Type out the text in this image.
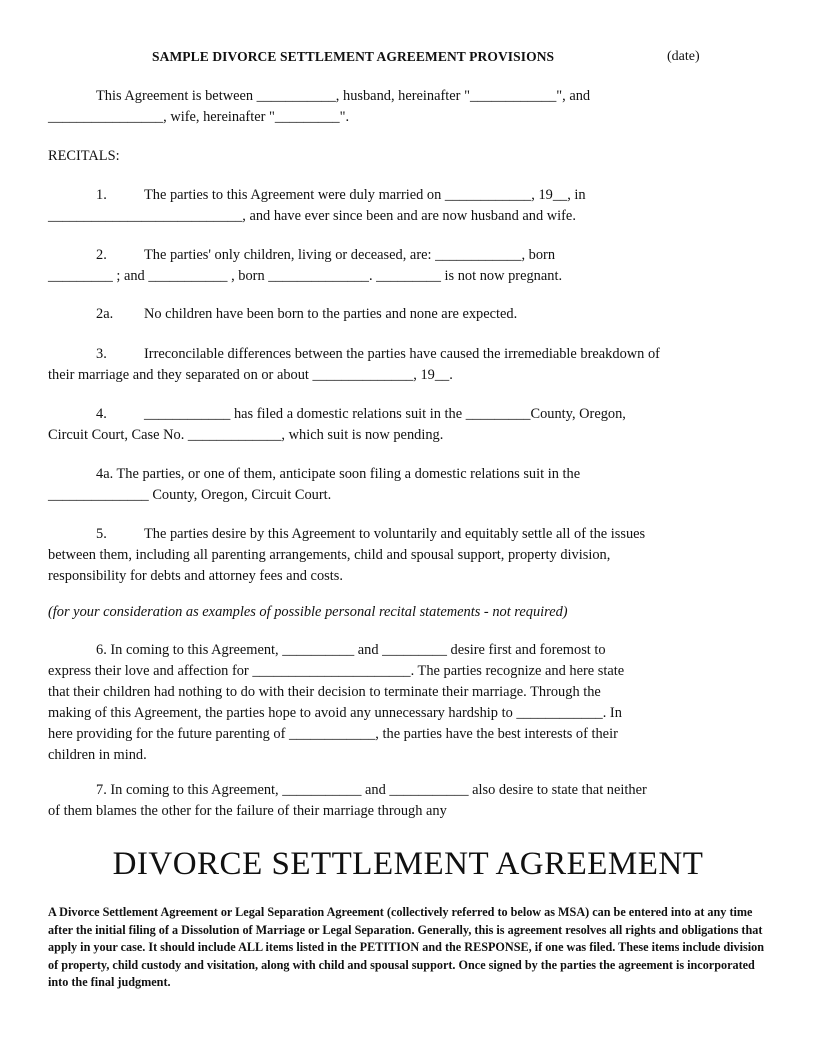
SAMPLE DIVORCE SETTLEMENT AGREEMENT PROVISIONS	(date)
This Agreement is between ___________, husband, hereinafter "____________", and
________________, wife, hereinafter "_________".
RECITALS:
1.	The parties to this Agreement were duly married on ____________, 19__, in
___________________________, and have ever since been and are now husband and wife.
2.	The parties' only children, living or deceased, are: ____________, born
_________ ; and ___________ , born ______________. _________ is not now pregnant.
2a. No children have been born to the parties and none are expected.
3.	Irreconcilable differences between the parties have caused the irremediable breakdown of
their marriage and they separated on or about ______________, 19__.
4.	____________ has filed a domestic relations suit in the _________County, Oregon,
Circuit Court, Case No. _____________, which suit is now pending.
4a. The parties, or one of them, anticipate soon filing a domestic relations suit in the
______________ County, Oregon, Circuit Court.
5.	The parties desire by this Agreement to voluntarily and equitably settle all of the issues
between them, including all parenting arrangements, child and spousal support, property division,
responsibility for debts and attorney fees and costs.
(for your consideration as examples of possible personal recital statements - not required)
6. In coming to this Agreement, __________ and _________ desire first and foremost to
express their love and affection for ______________________. The parties recognize and here state
that their children had nothing to do with their decision to terminate their marriage. Through the
making of this Agreement, the parties hope to avoid any unnecessary hardship to ____________. In
here providing for the future parenting of ____________, the parties have the best interests of their
children in mind.
7. In coming to this Agreement, ___________ and ___________ also desire to state that neither
of them blames the other for the failure of their marriage through any
DIVORCE SETTLEMENT AGREEMENT
A Divorce Settlement Agreement or Legal Separation Agreement (collectively referred to below as MSA) can be entered into at any time after the initial filing of a Dissolution of Marriage or Legal Separation. Generally, this is agreement resolves all rights and obligations that apply in your case. It should include ALL items listed in the PETITION and the RESPONSE, if one was filed. These items include division of property, child custody and visitation, along with child and spousal support. Once signed by the parties the agreement is incorporated into the final judgment.
